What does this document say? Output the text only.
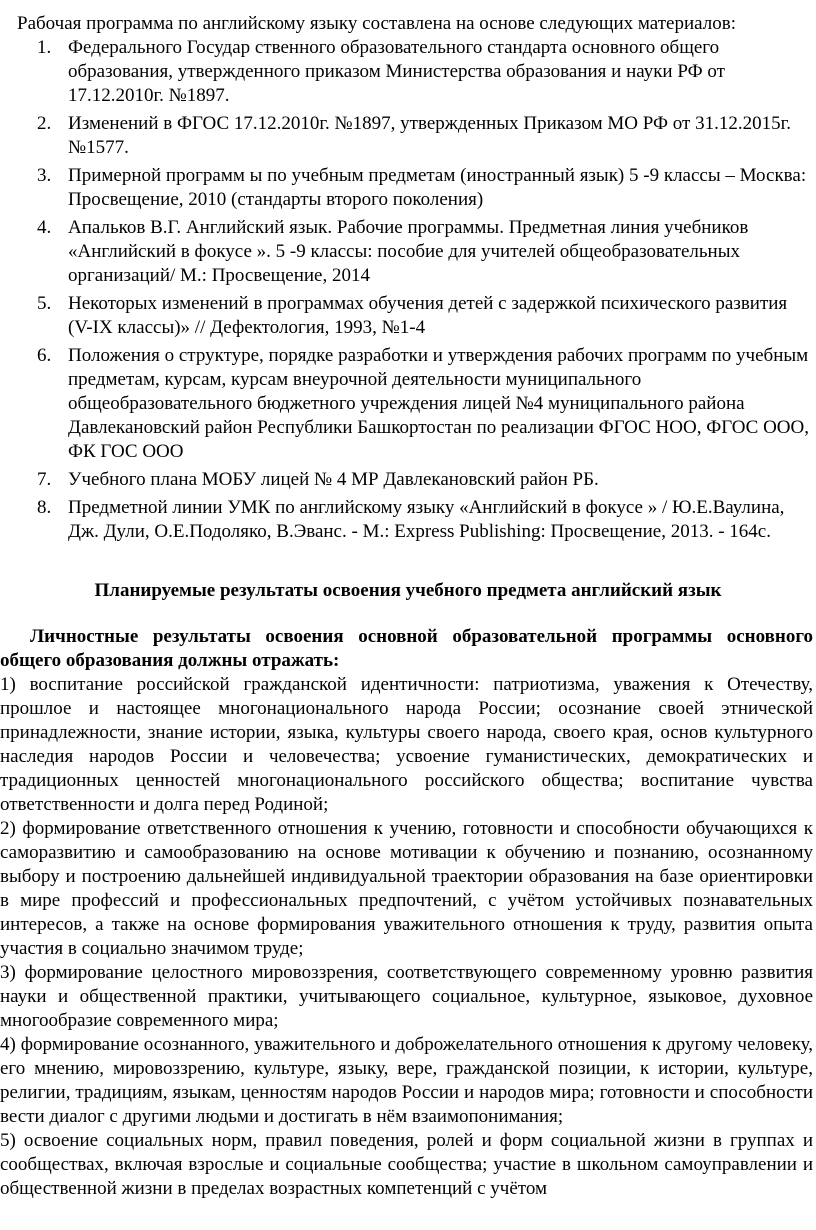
Рабочая программа по английскому языку составлена на основе следующих материалов:

1. Федерального Государ ственного образовательного стандарта основного общего образования, утвержденного приказом Министерства образования и науки РФ от 17.12.2010г. №1897.
2. Изменений в ФГОС 17.12.2010г. №1897, утвержденных Приказом МО РФ от 31.12.2015г. №1577.
3. Примерной программ ы по учебным предметам (иностранный язык) 5 -9 классы – Москва: Просвещение, 2010 (стандарты второго поколения)
4. Апальков В.Г. Английский язык. Рабочие программы. Предметная линия учебников «Английский в фокусе ». 5 -9 классы: пособие для учителей общеобразовательных организаций/ М.: Просвещение, 2014
5. Некоторых изменений в программах обучения детей с задержкой психического развития (V-IX классы)» // Дефектология, 1993, №1-4
6. Положения о структуре, порядке разработки и утверждения рабочих программ по учебным предметам, курсам, курсам внеурочной деятельности муниципального общеобразовательного бюджетного учреждения лицей №4 муниципального района Давлекановский район Республики Башкортостан по реализации ФГОС НОО, ФГОС ООО, ФК ГОС ООО
7. Учебного плана МОБУ лицей № 4 МР Давлекановский район РБ.
8. Предметной линии УМК по английскому языку «Английский в фокусе » / Ю.Е.Ваулина, Дж. Дули, О.Е.Подоляко, В.Эванс. - М.: Express Publishing: Просвещение, 2013. - 164с.
Планируемые результаты освоения учебного предмета английский язык
Личностные результаты освоения основной образовательной программы основного общего образования должны отражать:

1) воспитание российской гражданской идентичности: патриотизма, уважения к Отечеству, прошлое и настоящее многонационального народа России; осознание своей этнической принадлежности, знание истории, языка, культуры своего народа, своего края, основ культурного наследия народов России и человечества; усвоение гуманистических, демократических и традиционных ценностей многонационального российского общества; воспитание чувства ответственности и долга перед Родиной;

2) формирование ответственного отношения к учению, готовности и способности обучающихся к саморазвитию и самообразованию на основе мотивации к обучению и познанию, осознанному выбору и построению дальнейшей индивидуальной траектории образования на базе ориентировки в мире профессий и профессиональных предпочтений, с учётом устойчивых познавательных интересов, а также на основе формирования уважительного отношения к труду, развития опыта участия в социально значимом труде;

3) формирование целостного мировоззрения, соответствующего современному уровню развития науки и общественной практики, учитывающего социальное, культурное, языковое, духовное многообразие современного мира;

4) формирование осознанного, уважительного и доброжелательного отношения к другому человеку, его мнению, мировоззрению, культуре, языку, вере, гражданской позиции, к истории, культуре, религии, традициям, языкам, ценностям народов России и народов мира; готовности и способности вести диалог с другими людьми и достигать в нём взаимопонимания;

5) освоение социальных норм, правил поведения, ролей и форм социальной жизни в группах и сообществах, включая взрослые и социальные сообщества; участие в школьном самоуправлении и общественной жизни в пределах возрастных компетенций с учётом
